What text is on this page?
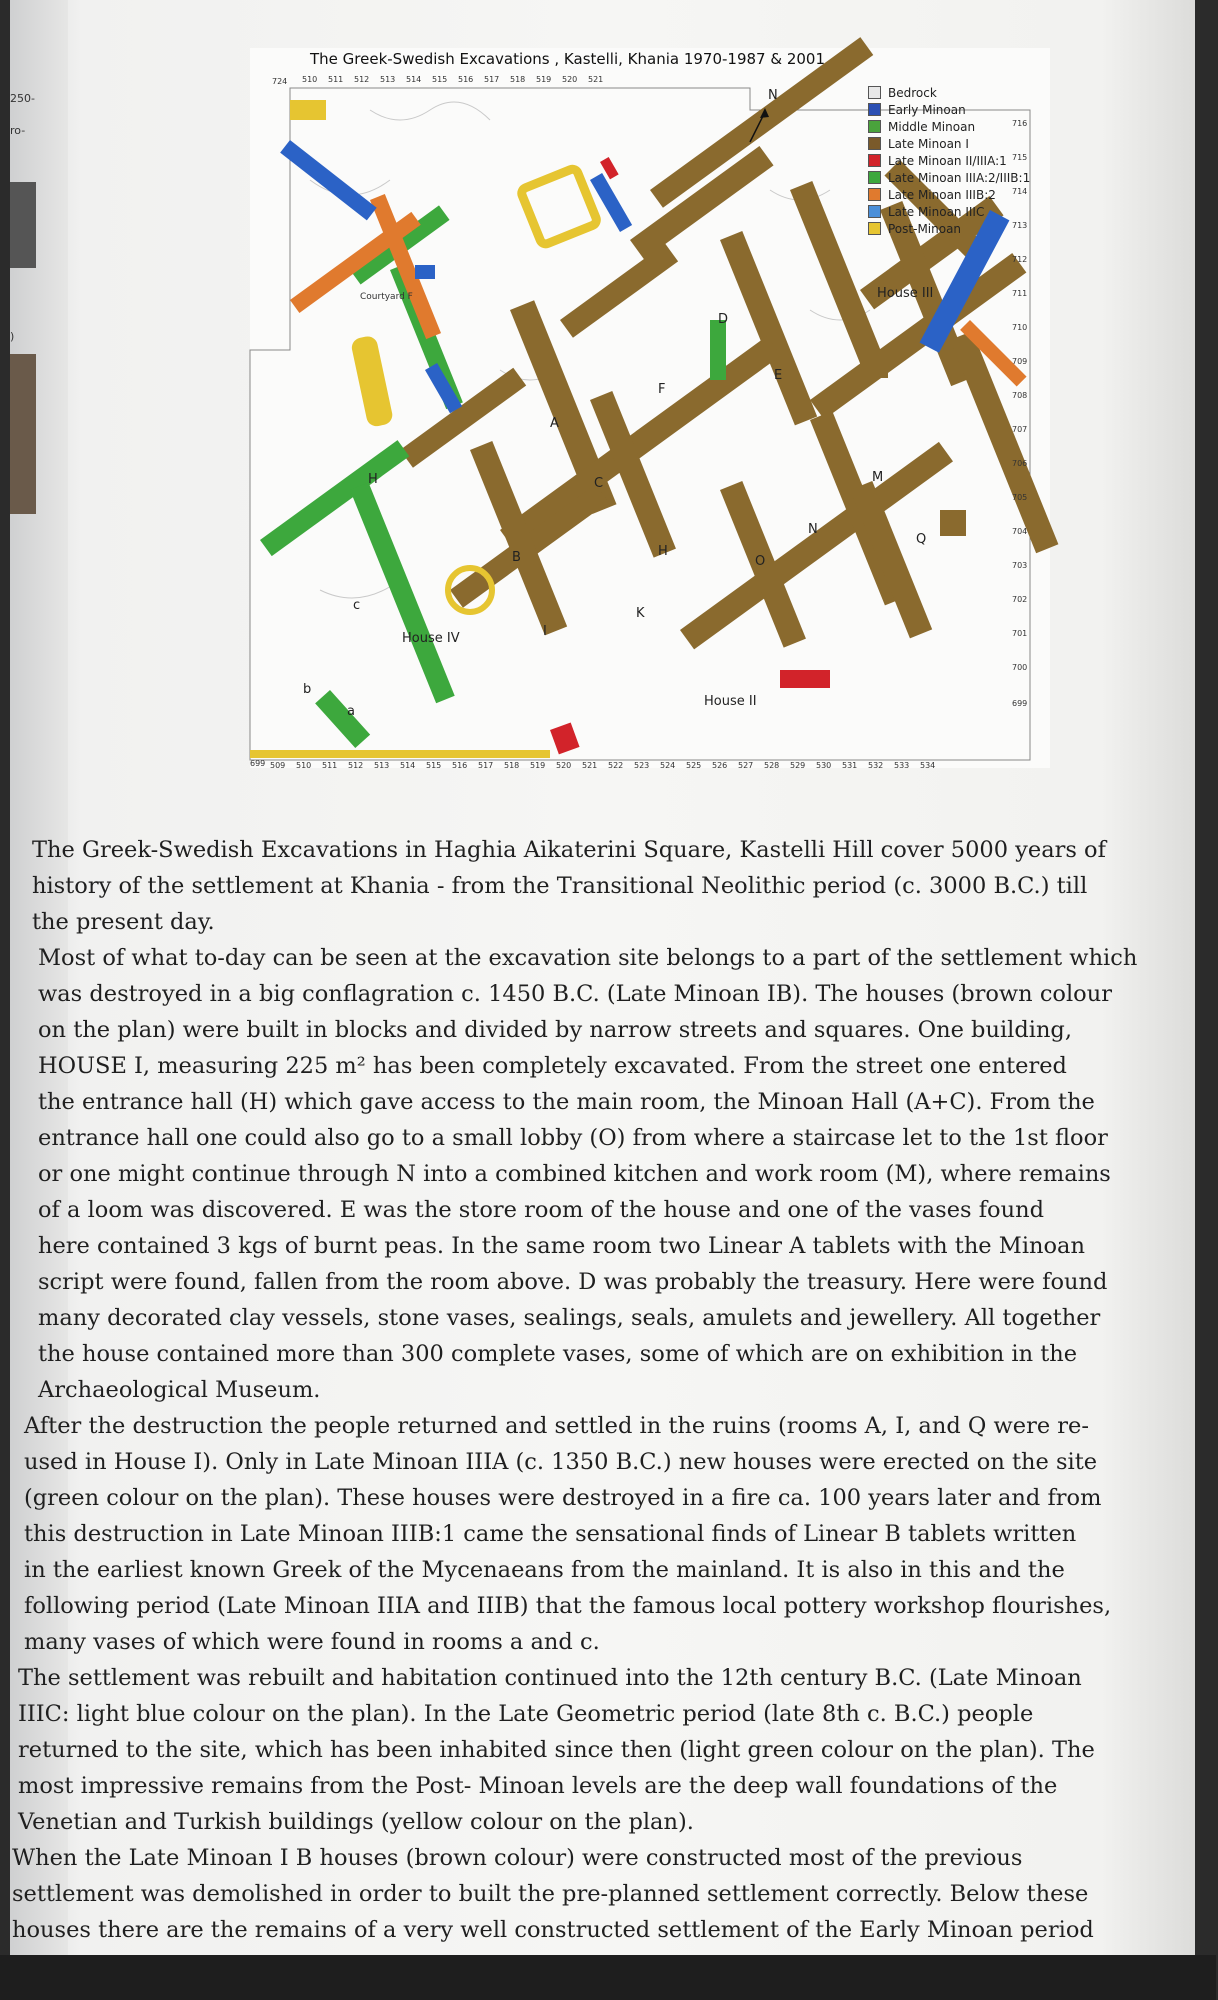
250-
ro-
)
The Greek-Swedish Excavations , Kastelli, Khania 1970-1987 & 2001
724 510 511 512 513 514 515 516 517 518 519 520 521
699 509 510 511 512 513 514 515 516 517 518 519 520 521 522 523 524 525 526 527 528 529 530 531 532 533 534
699
700
701
702
703
704
705
706
707
708
709
710
711
712
713
714
715
716
N	Bedrock
Early Minoan
Middle Minoan
Late Minoan I
Late Minoan II/IIIA:1
Late Minoan IIIA:2/IIIB:1
Late Minoan IIIB:2
Late Minoan IIIC
Post-Minoan
House III
House IV
House II
Courtyard F
D
E
F
C
B
H
H
K
M
N
O
Q
I
a
b
c
A
The Greek-Swedish Excavations in Haghia Aikaterini Square, Kastelli Hill cover 5000 years of
history of the settlement at Khania - from the Transitional Neolithic period (c. 3000 B.C.) till
the present day.
Most of what to-day can be seen at the excavation site belongs to a part of the settlement which
was destroyed in a big conflagration c. 1450 B.C. (Late Minoan IB). The houses (brown colour
on the plan) were built in blocks and divided by narrow streets and squares. One building,
HOUSE I, measuring 225 m² has been completely excavated. From the street one entered
the entrance hall (H) which gave access to the main room, the Minoan Hall (A+C). From the
entrance hall one could also go to a small lobby (O) from where a staircase let to the 1st floor
or one might continue through N into a combined kitchen and work room (M), where remains
of a loom was discovered. E was the store room of the house and one of the vases found
here contained 3 kgs of burnt peas. In the same room two Linear A tablets with the Minoan
script were found, fallen from the room above. D was probably the treasury. Here were found
many decorated clay vessels, stone vases, sealings, seals, amulets and jewellery. All together
the house contained more than 300 complete vases, some of which are on exhibition in the
Archaeological Museum.
After the destruction the people returned and settled in the ruins (rooms A, I, and Q were re-
used in House I). Only in Late Minoan IIIA (c. 1350 B.C.) new houses were erected on the site
(green colour on the plan). These houses were destroyed in a fire ca. 100 years later and from
this destruction in Late Minoan IIIB:1 came the sensational finds of Linear B tablets written
in the earliest known Greek of the Mycenaeans from the mainland. It is also in this and the
following period (Late Minoan IIIA and IIIB) that the famous local pottery workshop flourishes,
many vases of which were found in rooms a and c.
The settlement was rebuilt and habitation continued into the 12th century B.C. (Late Minoan
IIIC: light blue colour on the plan). In the Late Geometric period (late 8th c. B.C.) people
returned to the site, which has been inhabited since then (light green colour on the plan). The
most impressive remains from the Post- Minoan levels are the deep wall foundations of the
Venetian and Turkish buildings (yellow colour on the plan).
When the Late Minoan I B houses (brown colour) were constructed most of the previous
settlement was demolished in order to built the pre-planned settlement correctly. Below these
houses there are the remains of a very well constructed settlement of the Early Minoan period
